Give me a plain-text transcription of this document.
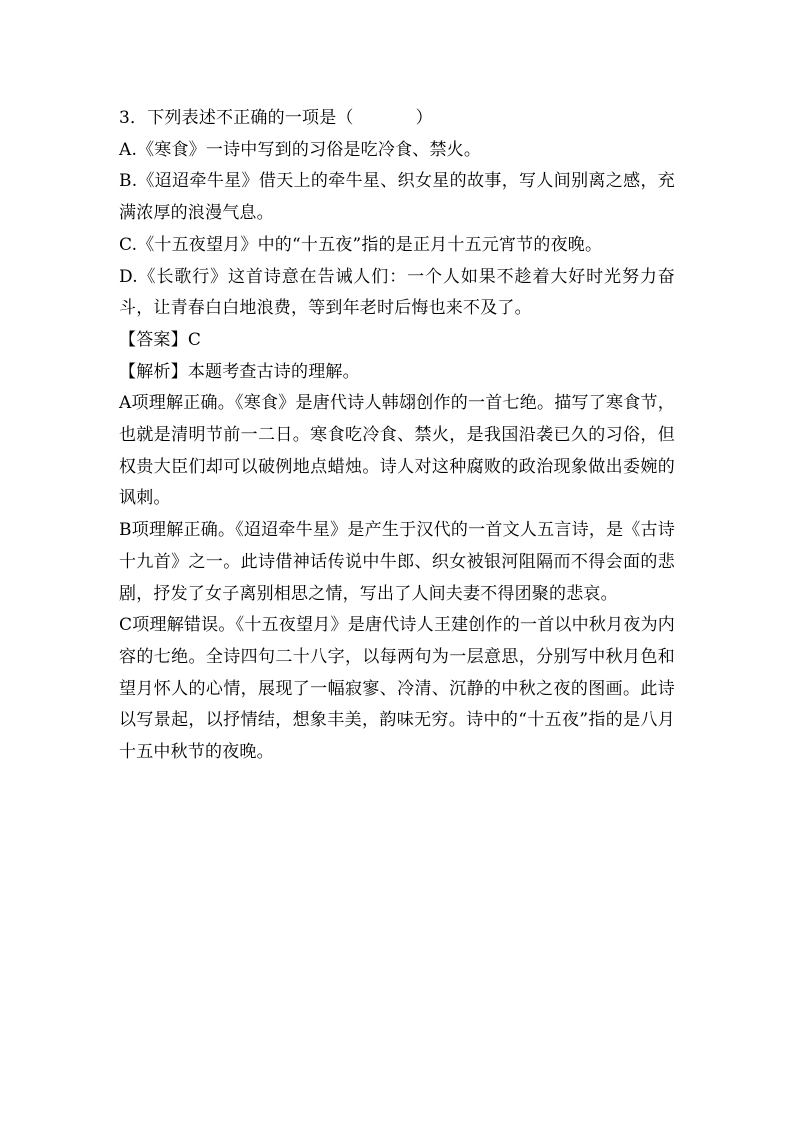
3．下列表述不正确的一项是（	）
A.《寒食》一诗中写到的习俗是吃冷食、禁火。
B.《迢迢牵牛星》借天上的牵牛星、织女星的故事，写人间别离之感，充满浓厚的浪漫气息。
C.《十五夜望月》中的“十五夜”指的是正月十五元宵节的夜晚。
D.《长歌行》这首诗意在告诫人们：一个人如果不趁着大好时光努力奋斗，让青春白白地浪费，等到年老时后悔也来不及了。
【答案】C
【解析】本题考查古诗的理解。
A项理解正确。《寒食》是唐代诗人韩翃创作的一首七绝。描写了寒食节，也就是清明节前一二日。寒食吃冷食、禁火，是我国沿袭已久的习俗，但权贵大臣们却可以破例地点蜡烛。诗人对这种腐败的政治现象做出委婉的讽刺。
B项理解正确。《迢迢牵牛星》是产生于汉代的一首文人五言诗，是《古诗十九首》之一。此诗借神话传说中牛郎、织女被银河阻隔而不得会面的悲剧，抒发了女子离别相思之情，写出了人间夫妻不得团聚的悲哀。
C项理解错误。《十五夜望月》是唐代诗人王建创作的一首以中秋月夜为内容的七绝。全诗四句二十八字，以每两句为一层意思，分别写中秋月色和望月怀人的心情，展现了一幅寂寥、冷清、沉静的中秋之夜的图画。此诗以写景起，以抒情结，想象丰美，韵味无穷。诗中的“十五夜”指的是八月十五中秋节的夜晚。
